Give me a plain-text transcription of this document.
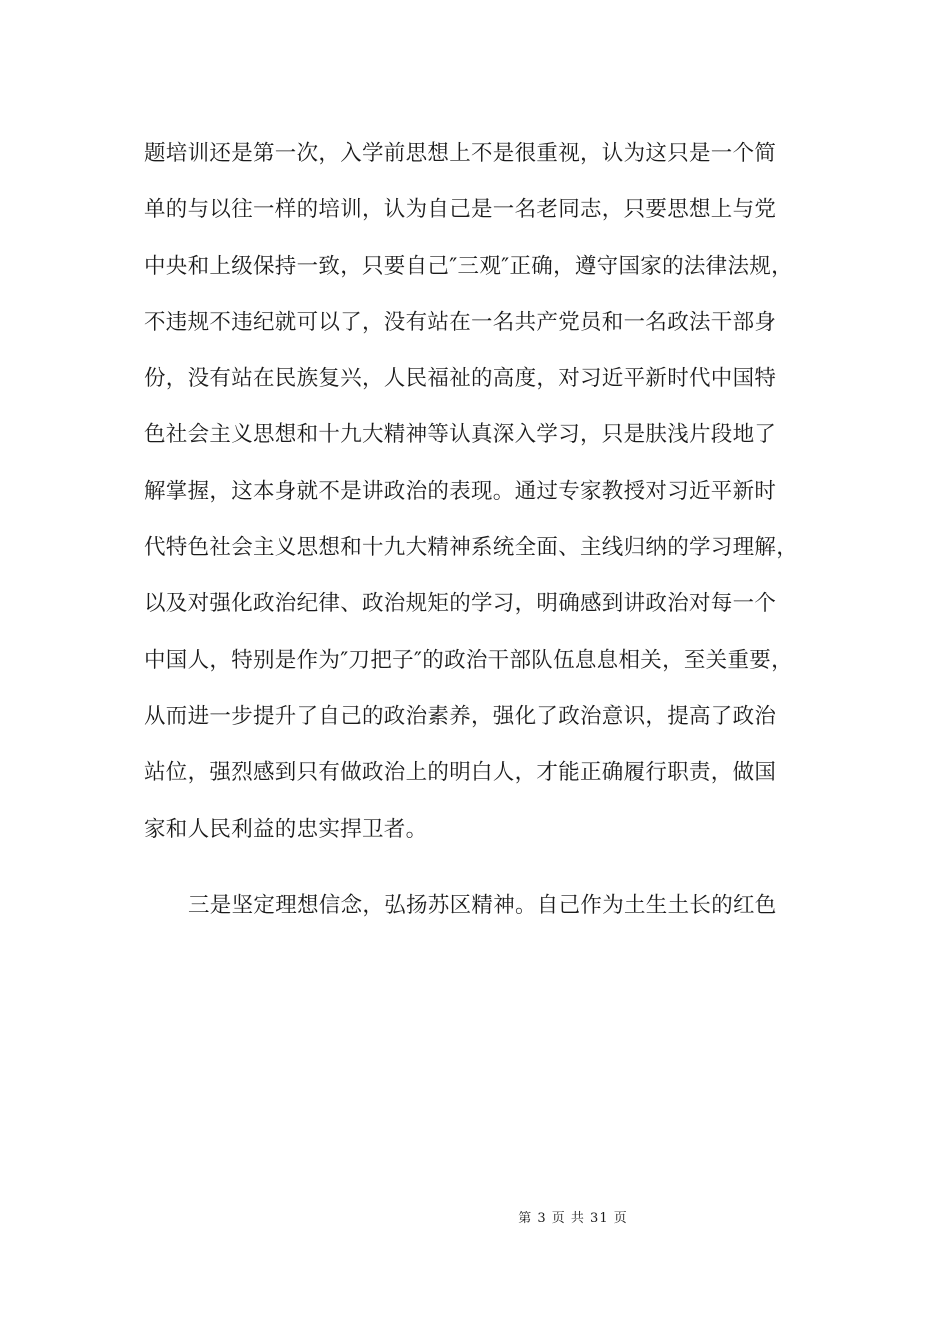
题培训还是第一次，入学前思想上不是很重视，认为这只是一个简
单的与以往一样的培训，认为自己是一名老同志，只要思想上与党
中央和上级保持一致，只要自己″三观″正确，遵守国家的法律法规，
不违规不违纪就可以了，没有站在一名共产党员和一名政法干部身
份，没有站在民族复兴，人民福祉的高度，对习近平新时代中国特
色社会主义思想和十九大精神等认真深入学习，只是肤浅片段地了
解掌握，这本身就不是讲政治的表现。通过专家教授对习近平新时
代特色社会主义思想和十九大精神系统全面、主线归纳的学习理解，
以及对强化政治纪律、政治规矩的学习，明确感到讲政治对每一个
中国人，特别是作为″刀把子″的政治干部队伍息息相关，至关重要，
从而进一步提升了自己的政治素养，强化了政治意识，提高了政治
站位，强烈感到只有做政治上的明白人，才能正确履行职责，做国
家和人民利益的忠实捍卫者。
三是坚定理想信念，弘扬苏区精神。自己作为土生土长的红色
第 3 页 共 31 页
